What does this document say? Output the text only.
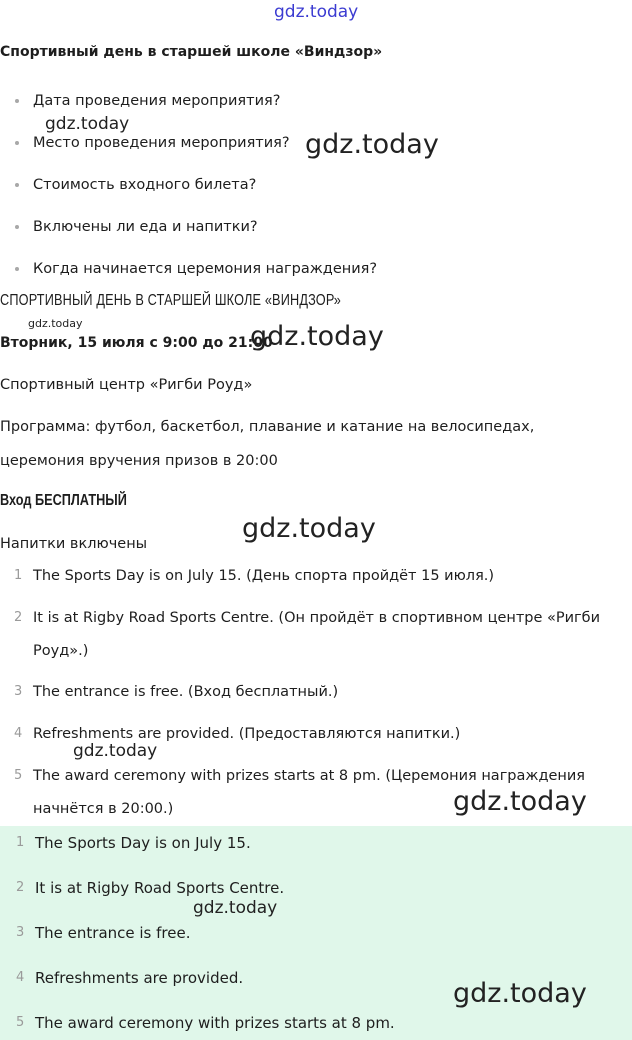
gdz.today
gdz.today
gdz.today
gdz.today	gdz.today
gdz.today
gdz.today
gdz.today
gdz.today
gdz.today
Спортивный день в старшей школе «Виндзор»
Дата проведения мероприятия?
Место проведения мероприятия?
Стоимость входного билета?
Включены ли еда и напитки?
Когда начинается церемония награждения?
СПОРТИВНЫЙ ДЕНЬ В СТАРШЕЙ ШКОЛЕ «ВИНДЗОР»
Вторник, 15 июля с 9:00 до 21:00
Спортивный центр «Ригби Роуд»
Программа: футбол, баскетбол, плавание и катание на велосипедах,
церемония вручения призов в 20:00
Вход БЕСПЛАТНЫЙ
Напитки включены
1 The Sports Day is on July 15. (День спорта пройдёт 15 июля.)
2 It is at Rigby Road Sports Centre. (Он пройдёт в спортивном центре «Ригби
Роуд».)
3 The entrance is free. (Вход бесплатный.)
4 Refreshments are provided. (Предоставляются напитки.)
5 The award ceremony with prizes starts at 8 pm. (Церемония награждения
начнётся в 20:00.)
1 The Sports Day is on July 15.
2 It is at Rigby Road Sports Centre.
3 The entrance is free.
4 Refreshments are provided.
5 The award ceremony with prizes starts at 8 pm.
